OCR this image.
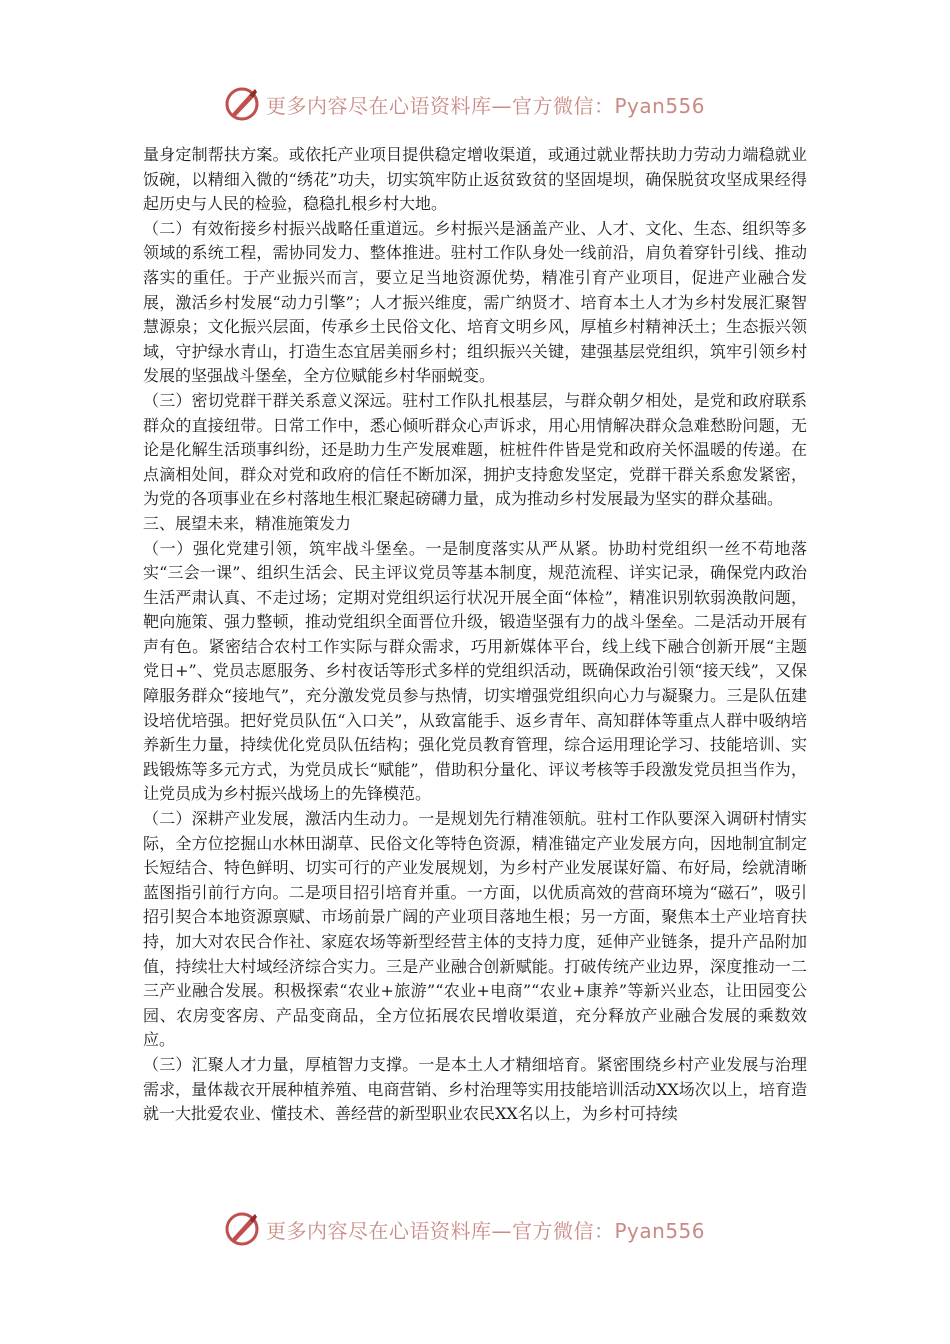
更多内容尽在心语资料库—官方微信：Pyan556

量身定制帮扶方案。或依托产业项目提供稳定增收渠道，或通过就业帮扶助力劳动力端稳就业饭碗，以精细入微的“绣花”功夫，切实筑牢防止返贫致贫的坚固堤坝，确保脱贫攻坚成果经得起历史与人民的检验，稳稳扎根乡村大地。

（二）有效衔接乡村振兴战略任重道远。乡村振兴是涵盖产业、人才、文化、生态、组织等多领域的系统工程，需协同发力、整体推进。驻村工作队身处一线前沿，肩负着穿针引线、推动落实的重任。于产业振兴而言，要立足当地资源优势，精准引育产业项目，促进产业融合发展，激活乡村发展“动力引擎”；人才振兴维度，需广纳贤才、培育本土人才为乡村发展汇聚智慧源泉；文化振兴层面，传承乡土民俗文化、培育文明乡风，厚植乡村精神沃土；生态振兴领域，守护绿水青山，打造生态宜居美丽乡村；组织振兴关键，建强基层党组织，筑牢引领乡村发展的坚强战斗堡垒，全方位赋能乡村华丽蜕变。

（三）密切党群干群关系意义深远。驻村工作队扎根基层，与群众朝夕相处，是党和政府联系群众的直接纽带。日常工作中，悉心倾听群众心声诉求，用心用情解决群众急难愁盼问题，无论是化解生活琐事纠纷，还是助力生产发展难题，桩桩件件皆是党和政府关怀温暖的传递。在点滴相处间，群众对党和政府的信任不断加深，拥护支持愈发坚定，党群干群关系愈发紧密，为党的各项事业在乡村落地生根汇聚起磅礴力量，成为推动乡村发展最为坚实的群众基础。

三、展望未来，精准施策发力

（一）强化党建引领，筑牢战斗堡垒。一是制度落实从严从紧。协助村党组织一丝不苟地落实“三会一课”、组织生活会、民主评议党员等基本制度，规范流程、详实记录，确保党内政治生活严肃认真、不走过场；定期对党组织运行状况开展全面“体检”，精准识别软弱涣散问题，靶向施策、强力整顿，推动党组织全面晋位升级，锻造坚强有力的战斗堡垒。二是活动开展有声有色。紧密结合农村工作实际与群众需求，巧用新媒体平台，线上线下融合创新开展“主题党日+”、党员志愿服务、乡村夜话等形式多样的党组织活动，既确保政治引领“接天线”，又保障服务群众“接地气”，充分激发党员参与热情，切实增强党组织向心力与凝聚力。三是队伍建设培优培强。把好党员队伍“入口关”，从致富能手、返乡青年、高知群体等重点人群中吸纳培养新生力量，持续优化党员队伍结构；强化党员教育管理，综合运用理论学习、技能培训、实践锻炼等多元方式，为党员成长“赋能”，借助积分量化、评议考核等手段激发党员担当作为，让党员成为乡村振兴战场上的先锋模范。

（二）深耕产业发展，激活内生动力。一是规划先行精准领航。驻村工作队要深入调研村情实际，全方位挖掘山水林田湖草、民俗文化等特色资源，精准锚定产业发展方向，因地制宜制定长短结合、特色鲜明、切实可行的产业发展规划，为乡村产业发展谋好篇、布好局，绘就清晰蓝图指引前行方向。二是项目招引培育并重。一方面，以优质高效的营商环境为“磁石”，吸引招引契合本地资源禀赋、市场前景广阔的产业项目落地生根；另一方面，聚焦本土产业培育扶持，加大对农民合作社、家庭农场等新型经营主体的支持力度，延伸产业链条，提升产品附加值，持续壮大村域经济综合实力。三是产业融合创新赋能。打破传统产业边界，深度推动一二三产业融合发展。积极探索“农业+旅游”“农业+电商”“农业+康养”等新兴业态，让田园变公园、农房变客房、产品变商品，全方位拓展农民增收渠道，充分释放产业融合发展的乘数效应。

（三）汇聚人才力量，厚植智力支撑。一是本土人才精细培育。紧密围绕乡村产业发展与治理需求，量体裁衣开展种植养殖、电商营销、乡村治理等实用技能培训活动XX场次以上，培育造就一大批爱农业、懂技术、善经营的新型职业农民XX名以上，为乡村可持续

更多内容尽在心语资料库—官方微信：Pyan556
